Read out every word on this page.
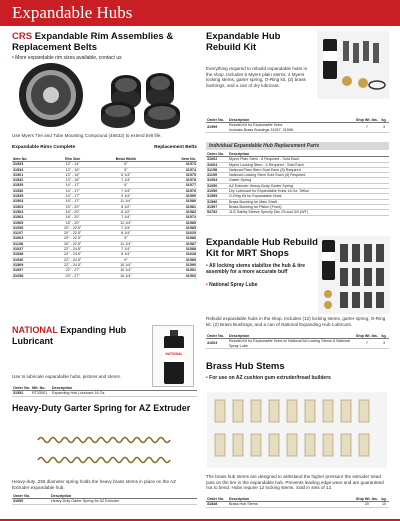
Expandable Hubs
CRS Expandable Rim Assemblies & Replacement Belts
• More expandable rim sizes available, contact us
Use Myers Tire and Tube Mounting Compound (46632) to extend belt life.
Expandable Rims Complete	Replacement Belts
Item No.	Rim Size	Bead Width	Item No.
31533	12" - 14"	5"	31573
31534	13" - 16"	5"	31574
31501	13" - 16"	6 1/4"	31575
31532	13" - 16"	7 1/4"	31578
31535	14" - 17"	6"	31577
31536	14" - 17"	7 1/4"	31576
31539	14" - 17"	9 1/4"	31590
31503	15" - 17"	11 1/4"	31580
31503	15" - 20"	6 1/2"	31581
31504	16" - 20"	8 1/2"	31582
31563	18" - 20"	7 1/4"	31572
31565	18" - 20"	11 1/4"	31585
31055	20" - 22.5"	7 1/4"	31585
31107	20" - 22.5"	8 1/4"	31625
31063	20" - 22.5"	9"	31586
31108	20" - 22.5"	11 1/4"	31587
31037	22" - 24.5"	7 1/4"	31588
31538	22" - 24.5"	8 1/4"	31628
31540	22" - 24.5"	9"	31589
31569	22" - 24.5"	10 1/4"	31590
31057	22" - 27"	10 1/4"	31591
31058	23" - 27"	10 1/4"	31592
NATIONAL Expanding Hub Lubricant
NATIONAL
Use to lubricate expandable hubs, pistons and stems.
Order No.	Mfr. No.	Description
31552	RT33001	Expanding Hub Lubricant 16 Oz.
Heavy-Duty Garter Spring for AZ Extruder
Heavy-duty .255 diameter spring holds the heavy brass stems in place on the AZ Extruder expandable hub.
Order No.	Description
31650	Heavy-Duty Garter Spring for AZ Extruder
Expandable Hub Rebuild Kit
Everything required to rebuild expandable hubs in the shop. Includes 6 Myers plain stems, 4 Myers locking stems, garter spring, O-Ring kit, (2) brass bushings, and a can of dry lubricant.
Order No.	Description	Ship Wt. lbs.	kg.
31599	Rebuild Kit for Expandable Hubs
Includes Brass Bushings 31597, 31598	7	3
Individual Expandable Hub Replacement Parts
Order No.	Description
31602	Myers Plain Stem - 8 Required - Sold Each
31604	Myers Locking Stem - 4 Required - Sold Each
31158	National Plain Stem Sold Each (8) Required
31159	National Locking Stem Sold Each (4) Required
31054	Garter Spring
31050	AZ Extruder Heavy-Body Garter Spring
31056	Dry Lubricant for Expandable Hubs 16 Oz. Teflon
31595	O-Ring Kit for Expandable Hubs
31596	Brass Bushing for Main Shaft
31597	Brass Bushing for Piston (Front)
54752	11/2 Safety Sleeve Specify Dim 25 and 3/4 (WT)
Expandable Hub Rebuild Kit for MRT Shops
• All locking stems stabilize the hub & tire assembly for a more accurate buff
• National Spray Lube
Rebuild expandable hubs in the shop. Includes (12) locking stems, garter spring, O-Ring kit, (2) Brass Bushings, and a can of National Expanding Hub Lubricant.
Order No.	Description	Ship Wt. lbs.	kg.
31603	Rebuild Kit for Expandable Hubs w/ National All Locking Stems & National Spray Lube	7	3
Brass Hub Stems
• For use on AZ cushion gum extruder/tread builders
The brass hub stems are designed to withstand the higher pressure the extruder tread puts on the tire in the expandable hub. Prevents leading edge wear and are guaranteed not to bend. Hubs require 12 locking stems. Sold in sets of 12.
Order No.	Description	Ship Wt. lbs.	kg.
31848	Brass Hub Stems	20	10
